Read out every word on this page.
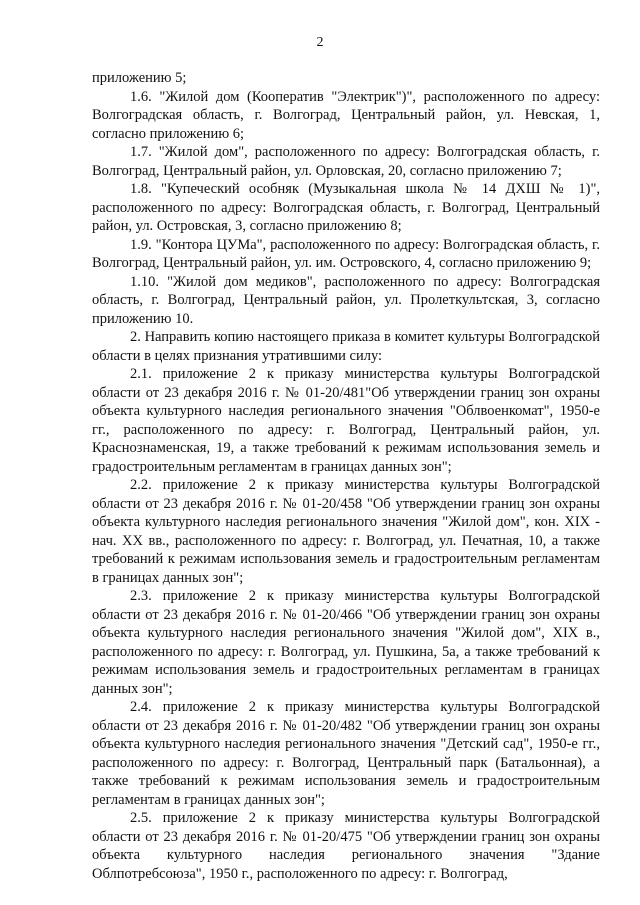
2

приложению 5;

1.6. "Жилой дом (Кооператив "Электрик")", расположенного по адресу: Волгоградская область, г. Волгоград, Центральный район, ул. Невская, 1, согласно приложению 6;

1.7. "Жилой дом", расположенного по адресу: Волгоградская область, г. Волгоград, Центральный район, ул. Орловская, 20, согласно приложению 7;

1.8. "Купеческий особняк (Музыкальная школа № 14 ДХШ № 1)", расположенного по адресу: Волгоградская область, г. Волгоград, Центральный район, ул. Островская, 3, согласно приложению 8;

1.9. "Контора ЦУМа", расположенного по адресу: Волгоградская область, г. Волгоград, Центральный район, ул. им. Островского, 4, согласно приложению 9;

1.10. "Жилой дом медиков", расположенного по адресу: Волгоградская область, г. Волгоград, Центральный район, ул. Пролеткультская, 3, согласно приложению 10.

2. Направить копию настоящего приказа в комитет культуры Волгоградской области в целях признания утратившими силу:

2.1. приложение 2 к приказу министерства культуры Волгоградской области от 23 декабря 2016 г. № 01-20/481"Об утверждении границ зон охраны объекта культурного наследия регионального значения "Облвоенкомат", 1950-е гг., расположенного по адресу: г. Волгоград, Центральный район, ул. Краснознаменская, 19, а также требований к режимам использования земель и градостроительным регламентам в границах данных зон";

2.2. приложение 2 к приказу министерства культуры Волгоградской области от 23 декабря 2016 г. № 01-20/458 "Об утверждении границ зон охраны объекта культурного наследия регионального значения "Жилой дом", кон. XIX - нач. XX вв., расположенного по адресу: г. Волгоград, ул. Печатная, 10, а также требований к режимам использования земель и градостроительным регламентам в границах данных зон";

2.3. приложение 2 к приказу министерства культуры Волгоградской области от 23 декабря 2016 г. № 01-20/466 "Об утверждении границ зон охраны объекта культурного наследия регионального значения "Жилой дом", XIX в., расположенного по адресу: г. Волгоград, ул. Пушкина, 5а, а также требований к режимам использования земель и градостроительных регламентам в границах данных зон";

2.4. приложение 2 к приказу министерства культуры Волгоградской области от 23 декабря 2016 г. № 01-20/482 "Об утверждении границ зон охраны объекта культурного наследия регионального значения "Детский сад", 1950-е гг., расположенного по адресу: г. Волгоград, Центральный парк (Батальонная), а также требований к режимам использования земель и градостроительным регламентам в границах данных зон";

2.5. приложение 2 к приказу министерства культуры Волгоградской области от 23 декабря 2016 г. № 01-20/475 "Об утверждении границ зон охраны объекта культурного наследия регионального значения "Здание Облпотребсоюза", 1950 г., расположенного по адресу: г. Волгоград,
